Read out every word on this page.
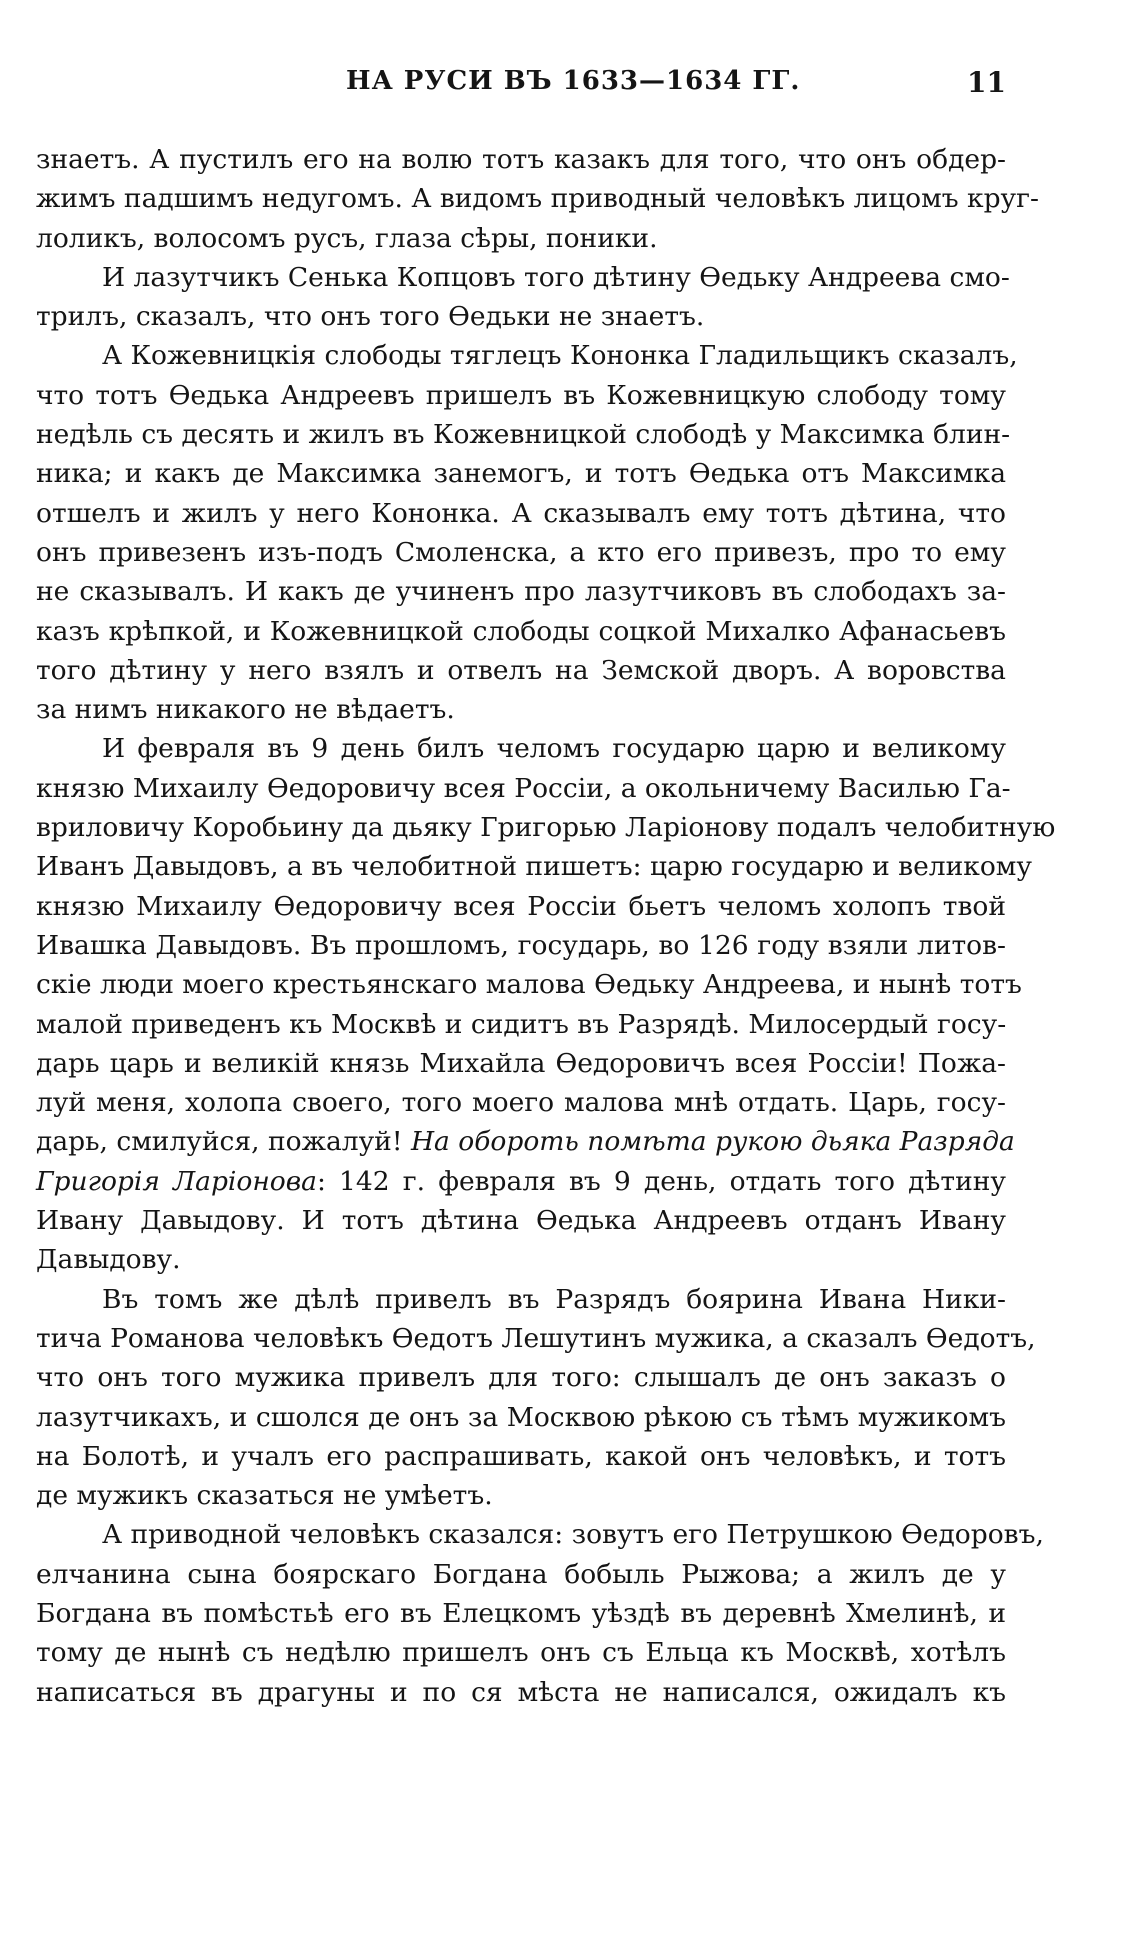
НА РУСИ ВЪ 1633—1634 ГГ.	11
знаетъ. А пустилъ его на волю тотъ казакъ для того, что онъ обдер-
жимъ падшимъ недугомъ. А видомъ приводный человѣкъ лицомъ круг-
лоликъ, волосомъ русъ, глаза сѣры, поники.
И лазутчикъ Сенька Копцовъ того дѣтину Ѳедьку Андреева смо-
трилъ, сказалъ, что онъ того Ѳедьки не знаетъ.
А Кожевницкія слободы тяглецъ Кононка Гладильщикъ сказалъ,
что тотъ Ѳедька Андреевъ пришелъ въ Кожевницкую слободу тому
недѣль съ десять и жилъ въ Кожевницкой слободѣ у Максимка блин-
ника; и какъ де Максимка занемогъ, и тотъ Ѳедька отъ Максимка
отшелъ и жилъ у него Кононка. А сказывалъ ему тотъ дѣтина, что
онъ привезенъ изъ-подъ Смоленска, а кто его привезъ, про то ему
не сказывалъ. И какъ де учиненъ про лазутчиковъ въ слободахъ за-
казъ крѣпкой, и Кожевницкой слободы соцкой Михалко Афанасьевъ
того дѣтину у него взялъ и отвелъ на Земской дворъ. А воровства
за нимъ никакого не вѣдаетъ.
И февраля въ 9 день билъ челомъ государю царю и великому
князю Михаилу Ѳедоровичу всея Россіи, а окольничему Василью Га-
вриловичу Коробьину да дьяку Григорью Ларіонову подалъ челобитную
Иванъ Давыдовъ, а въ челобитной пишетъ: царю государю и великому
князю Михаилу Ѳедоровичу всея Россіи бьетъ челомъ холопъ твой
Ивашка Давыдовъ. Въ прошломъ, государь, во 126 году взяли литов-
скіе люди моего крестьянскаго малова Ѳедьку Андреева, и нынѣ тотъ
малой приведенъ къ Москвѣ и сидитъ въ Разрядѣ. Милосердый госу-
дарь царь и великій князь Михайла Ѳедоровичъ всея Россіи! Пожа-
луй меня, холопа своего, того моего малова мнѣ отдать. Царь, госу-
дарь, смилуйся, пожалуй! На обороть помѣта рукою дьяка Разряда
Григорія Ларіонова: 142 г. февраля въ 9 день, отдать того дѣтину
Ивану Давыдову. И тотъ дѣтина Ѳедька Андреевъ отданъ Ивану
Давыдову.
Въ томъ же дѣлѣ привелъ въ Разрядъ боярина Ивана Ники-
тича Романова человѣкъ Ѳедотъ Лешутинъ мужика, а сказалъ Ѳедотъ,
что онъ того мужика привелъ для того: слышалъ де онъ заказъ о
лазутчикахъ, и сшолся де онъ за Москвою рѣкою съ тѣмъ мужикомъ
на Болотѣ, и учалъ его распрашивать, какой онъ человѣкъ, и тотъ
де мужикъ сказаться не умѣетъ.
А приводной человѣкъ сказался: зовутъ его Петрушкою Ѳедоровъ,
елчанина сына боярскаго Богдана бобыль Рыжова; а жилъ де у
Богдана въ помѣстьѣ его въ Елецкомъ уѣздѣ въ деревнѣ Хмелинѣ, и
тому де нынѣ съ недѣлю пришелъ онъ съ Ельца къ Москвѣ, хотѣлъ
написаться въ драгуны и по ся мѣста не написался, ожидалъ къ
